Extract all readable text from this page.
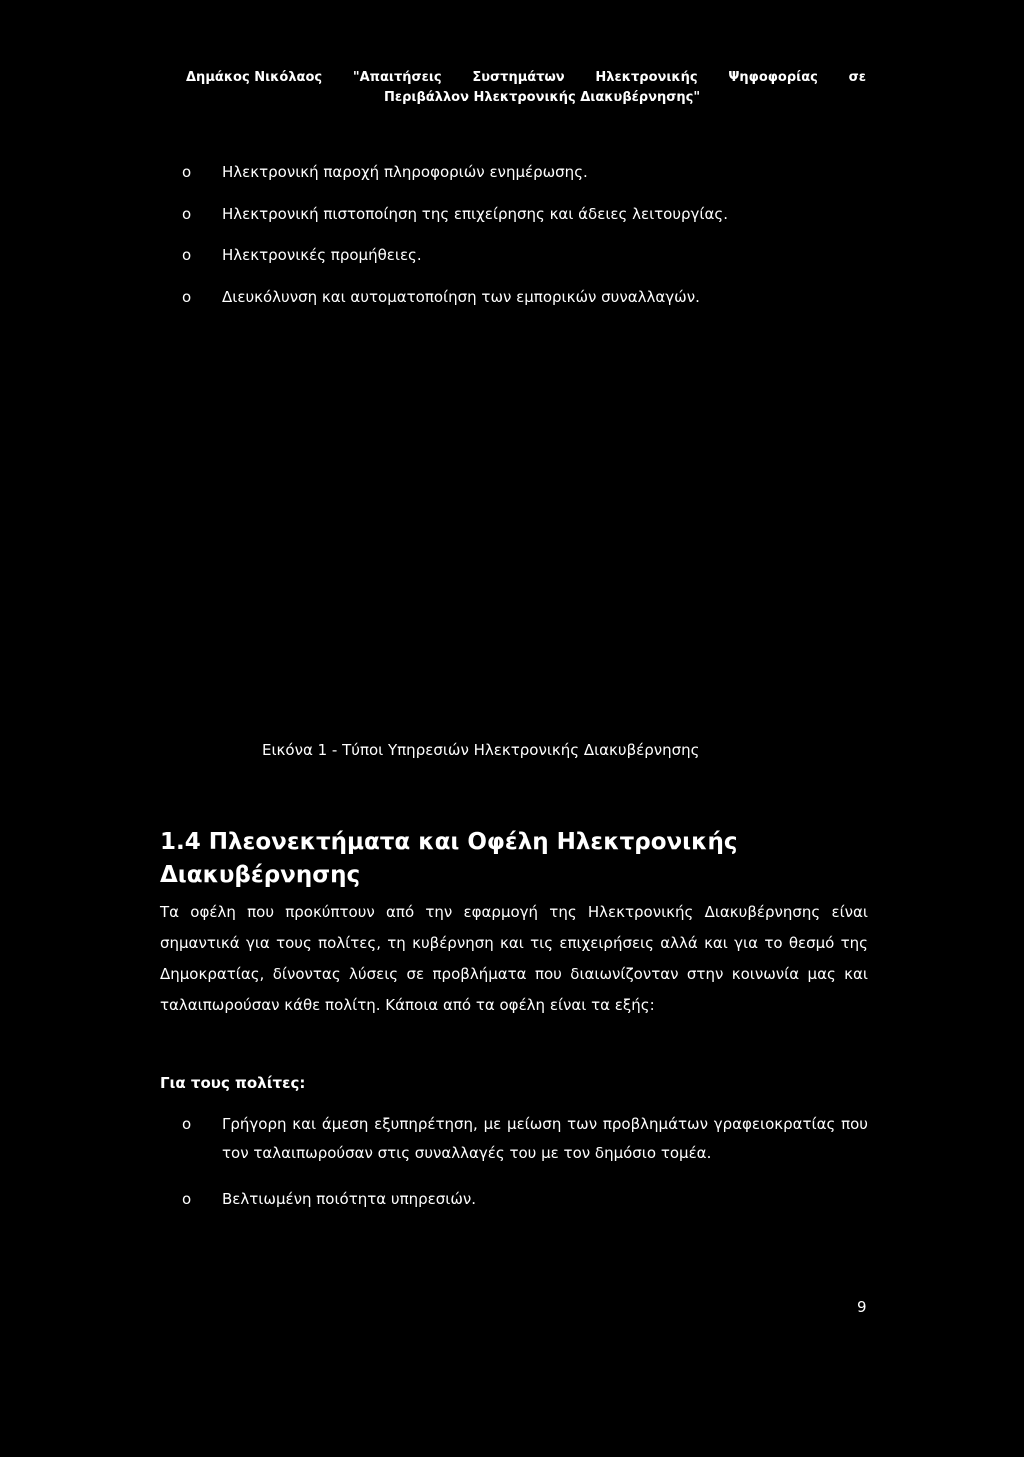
Δημάκος Νικόλαος "Απαιτήσεις Συστημάτων Ηλεκτρονικής Ψηφοφορίας σε
Περιβάλλον Ηλεκτρονικής Διακυβέρνησης"
o	Ηλεκτρονική παροχή πληροφοριών ενημέρωσης.
o	Ηλεκτρονική πιστοποίηση της επιχείρησης και άδειες λειτουργίας.
o	Ηλεκτρονικές προμήθειες.
o	Διευκόλυνση και αυτοματοποίηση των εμπορικών συναλλαγών.
Εικόνα 1 - Τύποι Υπηρεσιών Ηλεκτρονικής Διακυβέρνησης
1.4 Πλεονεκτήματα και Οφέλη Ηλεκτρονικής Διακυβέρνησης

Τα οφέλη που προκύπτουν από την εφαρμογή της Ηλεκτρονικής Διακυβέρνησης είναι σημαντικά για τους πολίτες, τη κυβέρνηση και τις επιχειρήσεις αλλά και για το θεσμό της Δημοκρατίας, δίνοντας λύσεις σε προβλήματα που διαιωνίζονταν στην κοινωνία μας και ταλαιπωρούσαν κάθε πολίτη. Κάποια από τα οφέλη είναι τα εξής:

Για τους πολίτες:
o	Γρήγορη και άμεση εξυπηρέτηση, με μείωση των προβλημάτων γραφειοκρατίας που τον ταλαιπωρούσαν στις συναλλαγές του με τον δημόσιο τομέα.
o	Βελτιωμένη ποιότητα υπηρεσιών.
9
